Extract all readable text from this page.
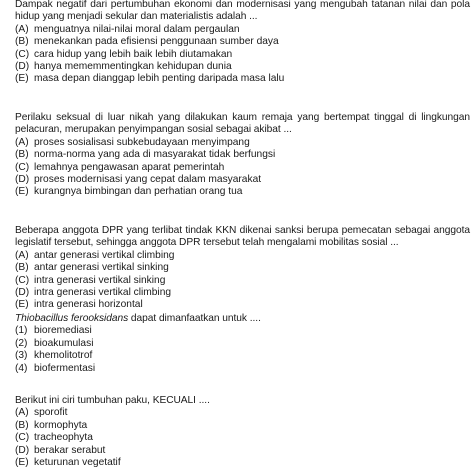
Dampak negatif dari pertumbuhan ekonomi dan modernisasi yang mengubah tatanan nilai dan pola hidup yang menjadi sekular dan materialistis adalah ...

(A) menguatnya nilai-nilai moral dalam pergaulan
(B) menekankan pada efisiensi penggunaan sumber daya
(C) cara hidup yang lebih baik lebih diutamakan
(D) hanya mememmentingkan kehidupan dunia
(E) masa depan dianggap lebih penting daripada masa lalu

Perilaku seksual di luar nikah yang dilakukan kaum remaja yang bertempat tinggal di lingkungan pelacuran, merupakan penyimpangan sosial sebagai akibat ...

(A) proses sosialisasi subkebudayaan menyimpang
(B) norma-norma yang ada di masyarakat tidak berfungsi
(C) lemahnya pengawasan aparat pemerintah
(D) proses modernisasi yang cepat dalam masyarakat
(E) kurangnya bimbingan dan perhatian orang tua

Beberapa anggota DPR yang terlibat tindak KKN dikenai sanksi berupa pemecatan sebagai anggota legislatif tersebut, sehingga anggota DPR tersebut telah mengalami mobilitas sosial ...

(A) antar generasi vertikal climbing
(B) antar generasi vertikal sinking
(C) intra generasi vertikal sinking
(D) intra generasi vertikal climbing
(E) intra generasi horizontal

Thiobacillus ferooksidans dapat dimanfaatkan untuk ....

(1) bioremediasi
(2) bioakumulasi
(3) khemolitotrof
(4) biofermentasi

Berikut ini ciri tumbuhan paku, KECUALI ....

(A) sporofit
(B) kormophyta
(C) tracheophyta
(D) berakar serabut
(E) keturunan vegetatif
